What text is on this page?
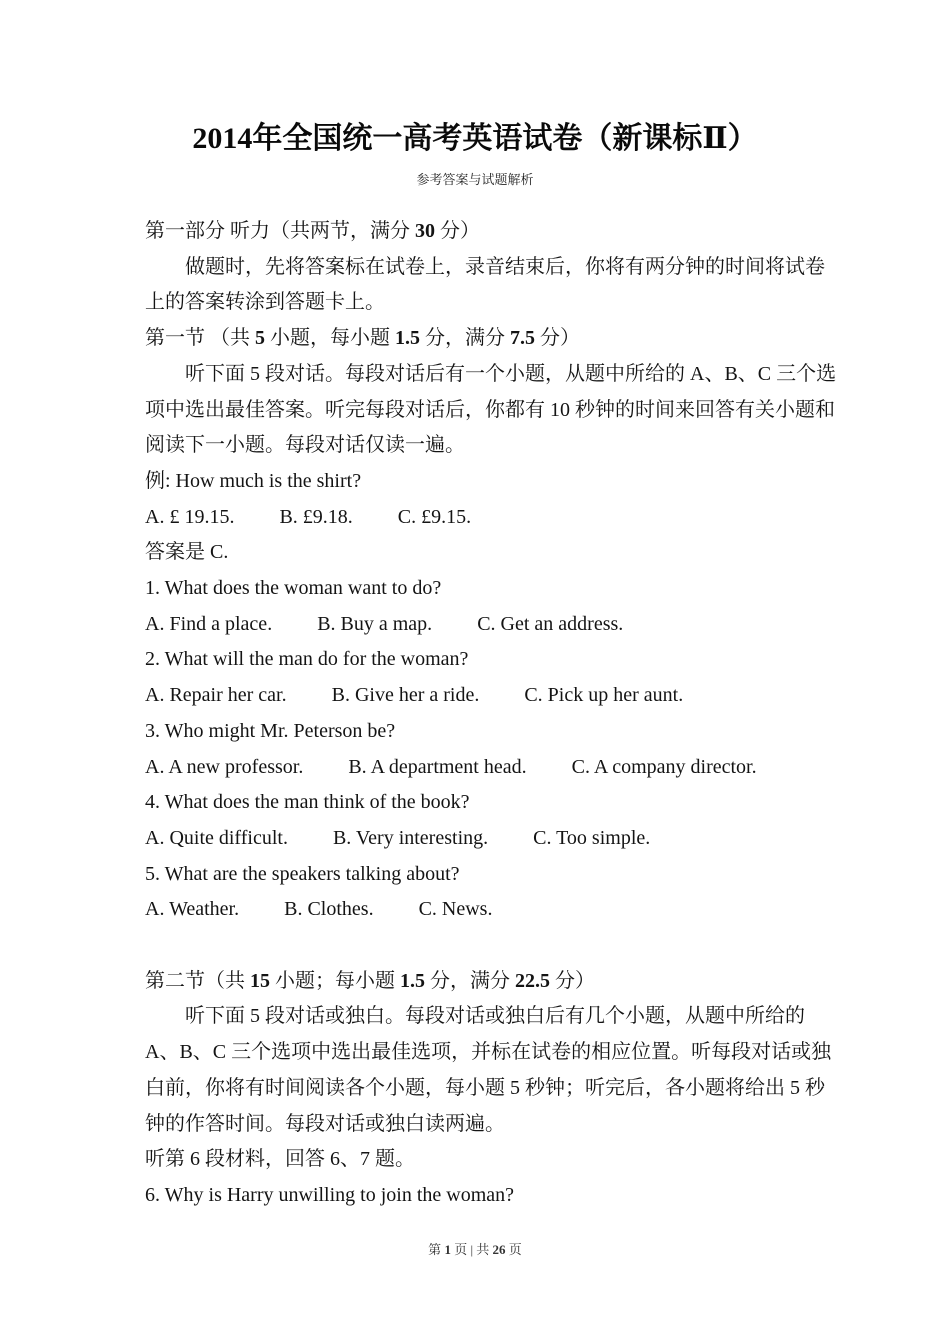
2014年全国统一高考英语试卷（新课标Ⅱ）
参考答案与试题解析

第一部分 听力（共两节，满分 30 分）

做题时，先将答案标在试卷上，录音结束后，你将有两分钟的时间将试卷

上的答案转涂到答题卡上。

第一节 （共 5 小题，每小题 1.5 分，满分 7.5 分）

听下面 5 段对话。每段对话后有一个小题，从题中所给的 A、B、C 三个选

项中选出最佳答案。听完每段对话后，你都有 10 秒钟的时间来回答有关小题和

阅读下一小题。每段对话仅读一遍。

例: How much is the shirt?

A. £ 19.15. B. £9.18. C. £9.15.

答案是 C.

1. What does the woman want to do?

A. Find a place. B. Buy a map. C. Get an address.

2. What will the man do for the woman?

A. Repair her car. B. Give her a ride. C. Pick up her aunt.

3. Who might Mr. Peterson be?

A. A new professor. B. A department head. C. A company director.

4. What does the man think of the book?

A. Quite difficult. B. Very interesting. C. Too simple.

5. What are the speakers talking about?

A. Weather. B. Clothes. C. News.

第二节（共 15 小题；每小题 1.5 分，满分 22.5 分）

听下面 5 段对话或独白。每段对话或独白后有几个小题，从题中所给的

A、B、C 三个选项中选出最佳选项，并标在试卷的相应位置。听每段对话或独

白前，你将有时间阅读各个小题，每小题 5 秒钟；听完后，各小题将给出 5 秒

钟的作答时间。每段对话或独白读两遍。

听第 6 段材料，回答 6、7 题。

6. Why is Harry unwilling to join the woman?

第 1 页 | 共 26 页
